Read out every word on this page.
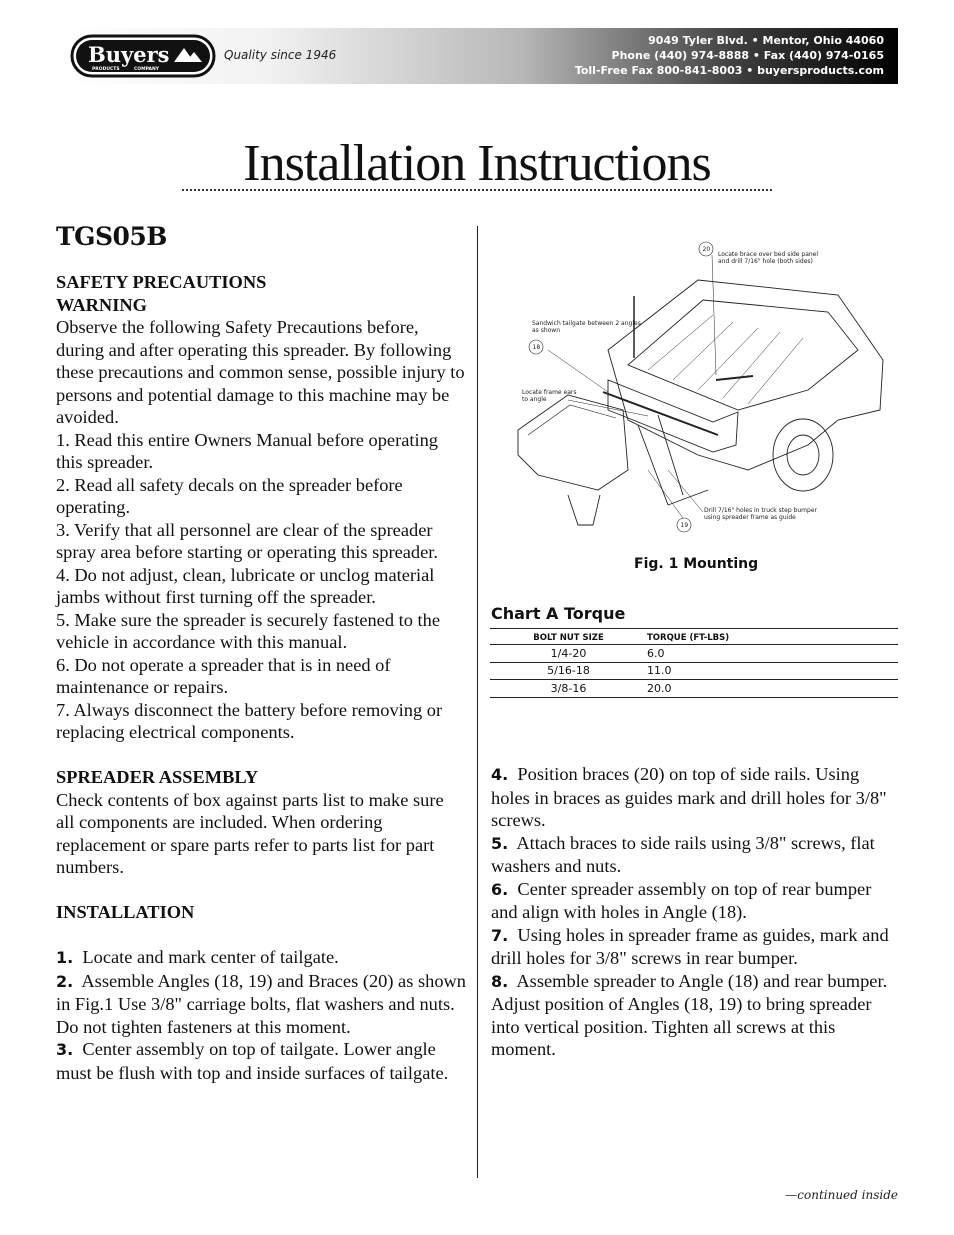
Buyers
PRODUCTS	COMPANY
Quality since 1946
9049 Tyler Blvd. • Mentor, Ohio 44060
Phone (440) 974-8888 • Fax (440) 974-0165
Toll-Free Fax 800-841-8003 • buyersproducts.com
Installation Instructions
TGS05B
SAFETY PRECAUTIONS
WARNING
Observe the following Safety Precautions before, during and after operating this spreader. By following these precautions and common sense, possible injury to persons and potential damage to this machine may be avoided.
1. Read this entire Owners Manual before operating this spreader.
2. Read all safety decals on the spreader before operating.
3. Verify that all personnel are clear of the spreader spray area before starting or operating this spreader.
4. Do not adjust, clean, lubricate or unclog material jambs without first turning off the spreader.
5. Make sure the spreader is securely fastened to the vehicle in accordance with this manual.
6. Do not operate a spreader that is in need of maintenance or repairs.
7. Always disconnect the battery before removing or replacing electrical components.
SPREADER ASSEMBLY
Check contents of box against parts list to make sure all components are included. When ordering replacement or spare parts refer to parts list for part numbers.
INSTALLATION
1. Locate and mark center of tailgate.
2. Assemble Angles (18, 19) and Braces (20) as shown in Fig.1 Use 3/8" carriage bolts, flat washers and nuts. Do not tighten fasteners at this moment.
3. Center assembly on top of tailgate. Lower angle must be flush with top and inside surfaces of tailgate.
20
18
19
Locate brace over bed side panel
and drill 7/16" hole (both sides)
Sandwich tailgate between 2 angles
as shown
Locate frame ears
to angle
Drill 7/16" holes in truck step bumper
using spreader frame as guide
Fig. 1 Mounting
Chart A Torque
BOLT NUT SIZE	TORQUE (FT-LBS)
1/4-20	6.0
5/16-18	11.0
3/8-16	20.0
4. Position braces (20) on top of side rails. Using holes in braces as guides mark and drill holes for 3/8" screws.
5. Attach braces to side rails using 3/8" screws, flat washers and nuts.
6. Center spreader assembly on top of rear bumper and align with holes in Angle (18).
7. Using holes in spreader frame as guides, mark and drill holes for 3/8" screws in rear bumper.
8. Assemble spreader to Angle (18) and rear bumper. Adjust position of Angles (18, 19) to bring spreader into vertical position. Tighten all screws at this moment.
—continued inside
